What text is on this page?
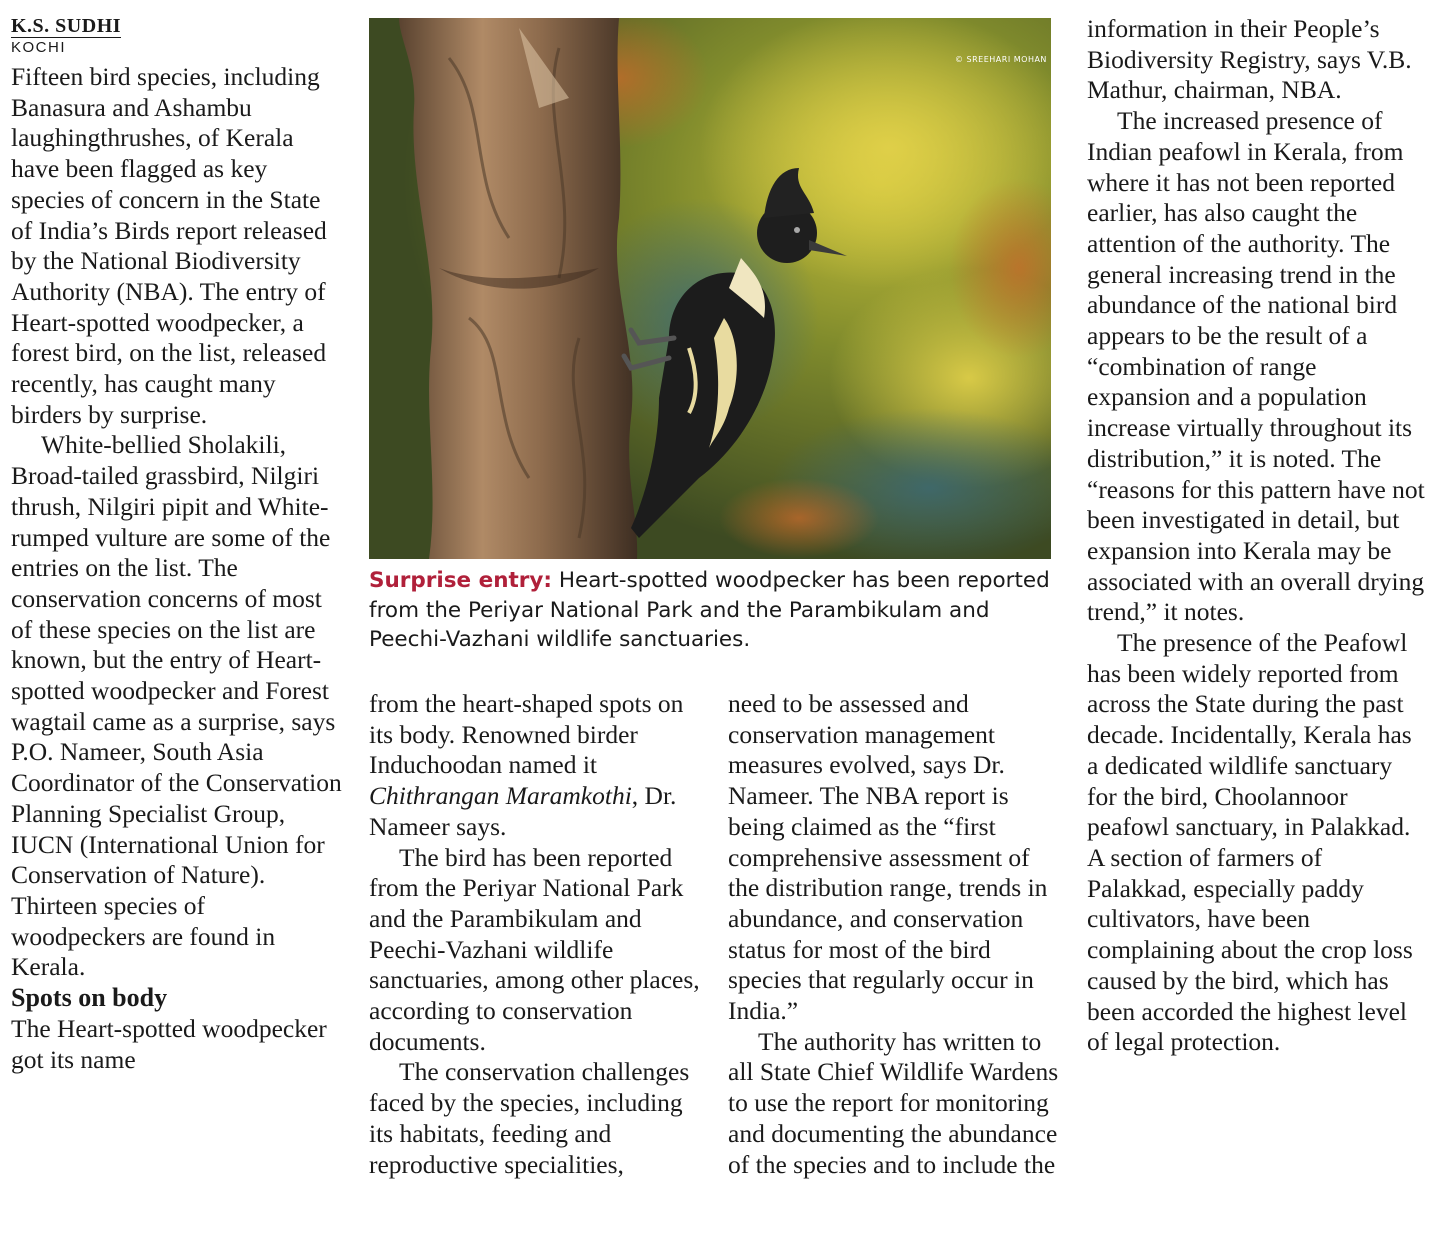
K.S. SUDHI
KOCHI

Fifteen bird species, including Banasura and Ashambu laughingthrushes, of Kerala have been flagged as key species of concern in the State of India’s Birds report released by the National Biodiversity Authority (NBA). The entry of Heart-spotted woodpecker, a forest bird, on the list, released recently, has caught many birders by surprise.

White-bellied Sholakili, Broad-tailed grassbird, Nilgiri thrush, Nilgiri pipit and White-rumped vulture are some of the entries on the list. The conservation concerns of most of these species on the list are known, but the entry of Heart-spotted woodpecker and Forest wagtail came as a surprise, says P.O. Nameer, South Asia Coordinator of the Conservation Planning Specialist Group, IUCN (International Union for Conservation of Nature). Thirteen species of woodpeckers are found in Kerala.

Spots on body

The Heart-spotted woodpecker got its name

© SREEHARI MOHAN
Surprise entry: Heart-spotted woodpecker has been reported from the Periyar National Park and the Parambikulam and Peechi-Vazhani wildlife sanctuaries.

from the heart-shaped spots on its body. Renowned birder Induchoodan named it Chithrangan Maramkothi, Dr. Nameer says.

The bird has been reported from the Periyar National Park and the Parambikulam and Peechi-Vazhani wildlife sanctuaries, among other places, according to conservation documents.

The conservation challenges faced by the species, including its habitats, feeding and reproductive specialities,

need to be assessed and conservation management measures evolved, says Dr. Nameer. The NBA report is being claimed as the “first comprehensive assessment of the distribution range, trends in abundance, and conservation status for most of the bird species that regularly occur in India.”

The authority has written to all State Chief Wildlife Wardens to use the report for monitoring and documenting the abundance of the species and to include the

information in their People’s Biodiversity Registry, says V.B. Mathur, chairman, NBA.

The increased presence of Indian peafowl in Kerala, from where it has not been reported earlier, has also caught the attention of the authority. The general increasing trend in the abundance of the national bird appears to be the result of a “combination of range expansion and a population increase virtually throughout its distribution,” it is noted. The “reasons for this pattern have not been investigated in detail, but expansion into Kerala may be associated with an overall drying trend,” it notes.

The presence of the Peafowl has been widely reported from across the State during the past decade. Incidentally, Kerala has a dedicated wildlife sanctuary for the bird, Choolannoor peafowl sanctuary, in Palakkad. A section of farmers of Palakkad, especially paddy cultivators, have been complaining about the crop loss caused by the bird, which has been accorded the highest level of legal protection.
